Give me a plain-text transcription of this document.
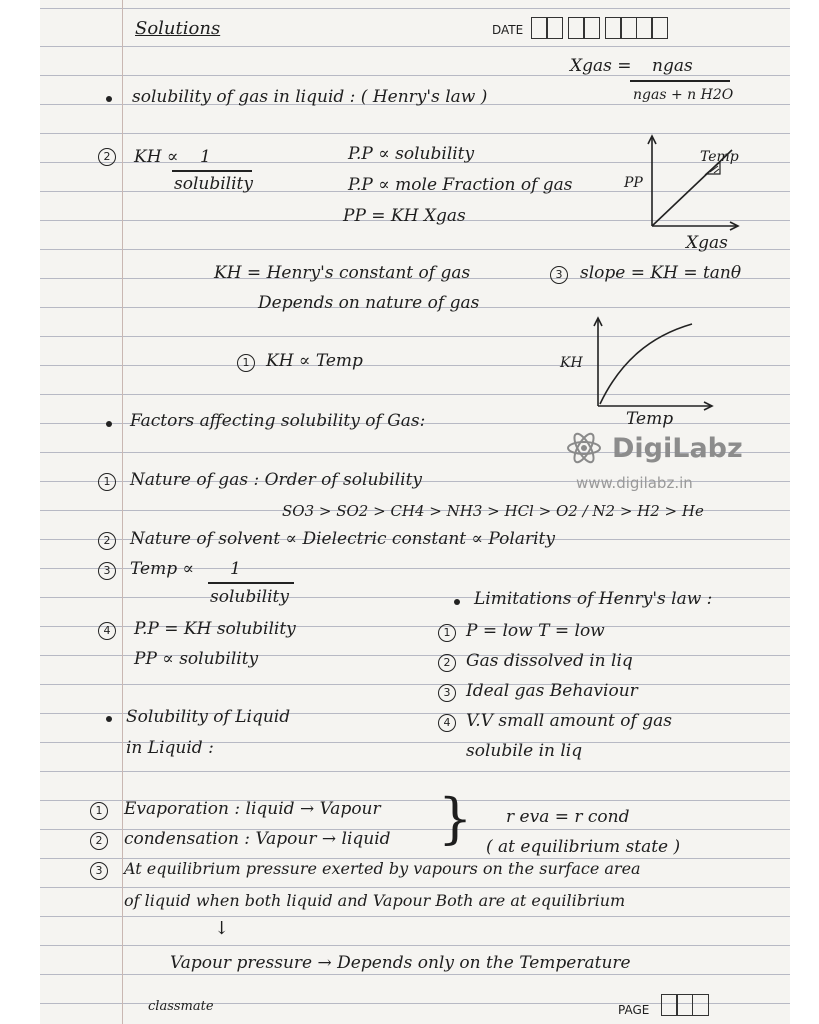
Solutions	DATE
Xgas = ngas
ngas + n H2O
solubility of gas in liquid : ( Henry's law )
2	KH ∝ 1
solubility
P.P ∝ solubility
P.P ∝ mole Fraction of gas
PP = KH Xgas
Temp
PP
Xgas
KH = Henry's constant of gas
Depends on nature of gas
3	slope = KH = tanθ
1 KH ∝ Temp	KH
Temp
Factors affecting solubility of Gas:
DigiLabz
www.digilabz.in
1	Nature of gas : Order of solubility
SO3 > SO2 > CH4 > NH3 > HCl > O2 / N2 > H2 > He
2	Nature of solvent ∝ Dielectric constant ∝ Polarity
3	Temp ∝ 1
solubility	Limitations of Henry's law :
4	P.P = KH solubility
PP ∝ solubility
1 P = low T = low
2 Gas dissolved in liq
3 Ideal gas Behaviour
4 V.V small amount of gas
solubile in liq
Solubility of Liquid
in Liquid :
1	Evaporation : liquid → Vapour
2	condensation : Vapour → liquid } r eva = r cond
( at equilibrium state )
3	At equilibrium pressure exerted by vapours on the surface area
of liquid when both liquid and Vapour Both are at equilibrium
↓
Vapour pressure → Depends only on the Temperature
classmate	PAGE
